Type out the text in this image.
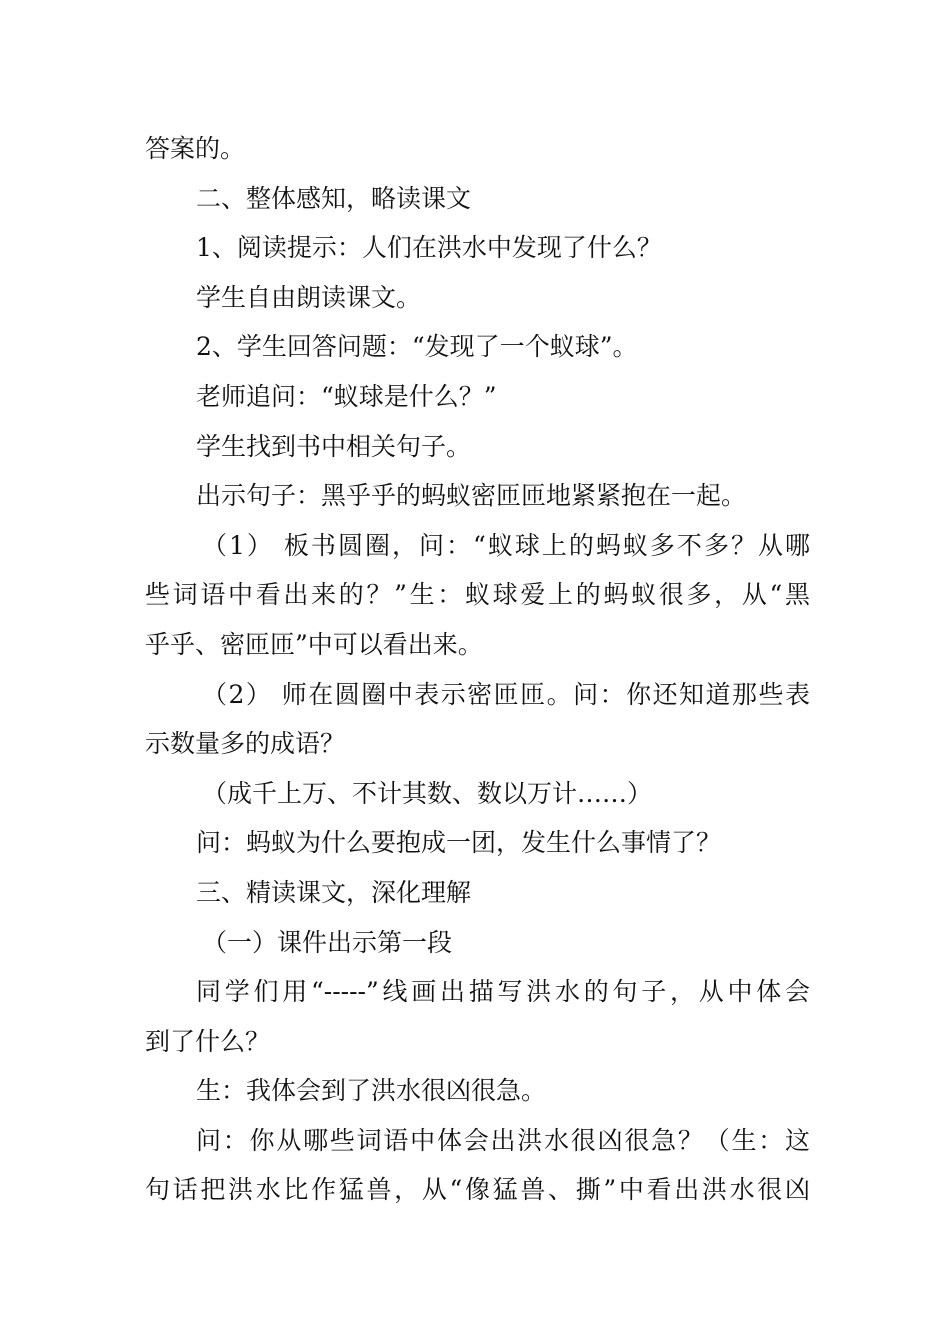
答案的。
二、整体感知，略读课文
1、阅读提示：人们在洪水中发现了什么？
学生自由朗读课文。
2、学生回答问题：“发现了一个蚁球”。
老师追问：“蚁球是什么？”
学生找到书中相关句子。
出示句子：黑乎乎的蚂蚁密匝匝地紧紧抱在一起。
（1） 板书圆圈，问：“蚁球上的蚂蚁多不多？从哪
些词语中看出来的？”生：蚁球爱上的蚂蚁很多，从“黑
乎乎、密匝匝”中可以看出来。
（2） 师在圆圈中表示密匝匝。问：你还知道那些表
示数量多的成语？
（成千上万、不计其数、数以万计……）
问：蚂蚁为什么要抱成一团，发生什么事情了？
三、精读课文，深化理解
（一）课件出示第一段
同学们用“-----”线画出描写洪水的句子，从中体会
到了什么？
生：我体会到了洪水很凶很急。
问：你从哪些词语中体会出洪水很凶很急？（生：这
句话把洪水比作猛兽，从“像猛兽、撕”中看出洪水很凶
